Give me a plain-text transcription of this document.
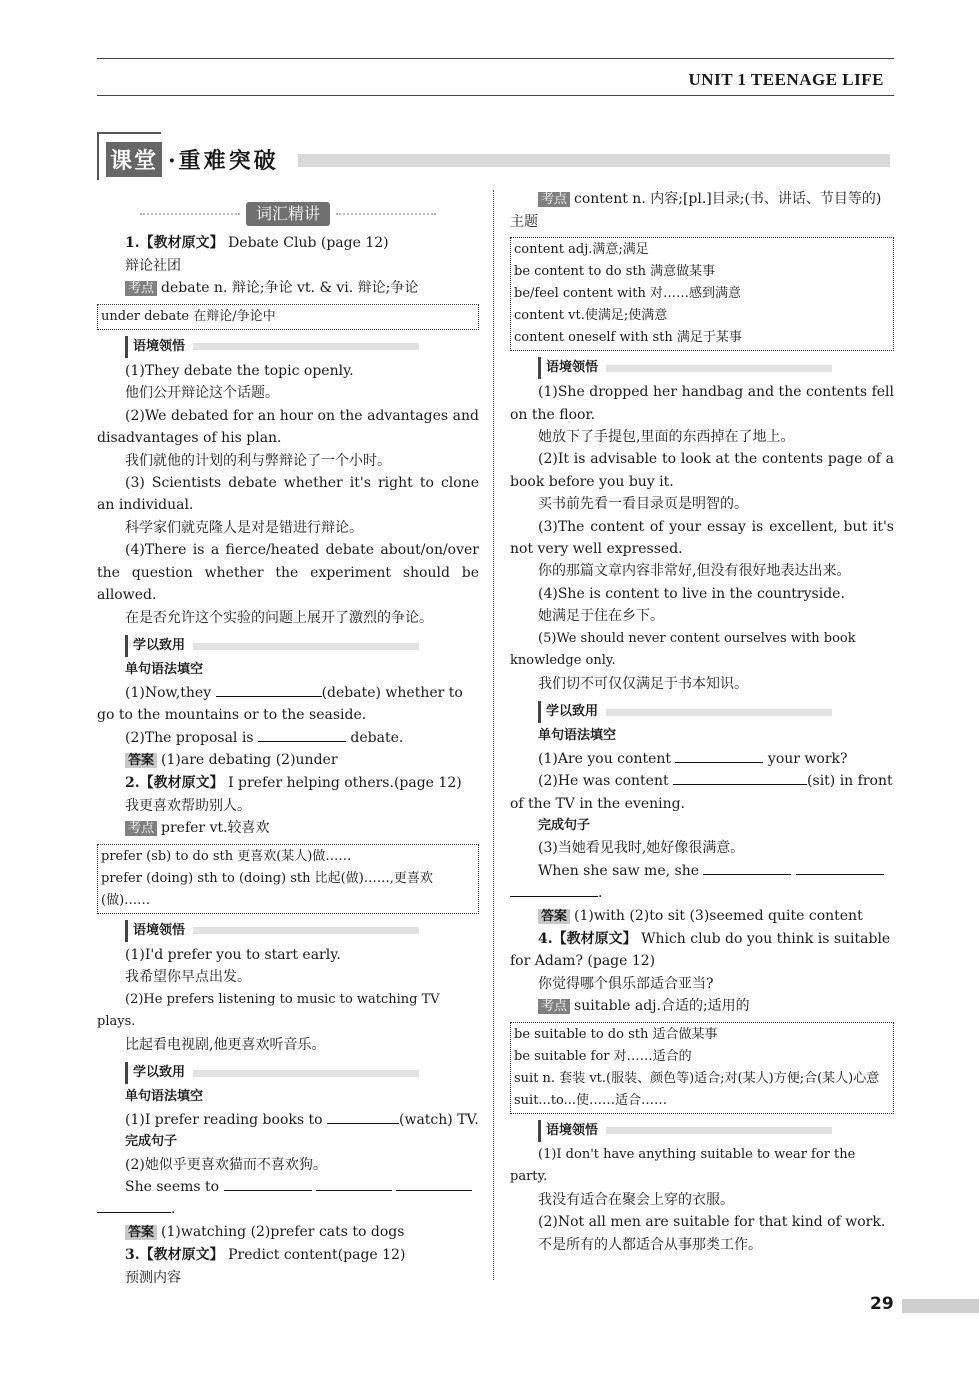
UNIT 1 TEENAGE LIFE
课堂 ·重难突破
词汇精讲

1.【教材原文】 Debate Club (page 12)

辩论社团

考点 debate n. 辩论;争论 vt. & vi. 辩论;争论

under debate 在辩论/争论中
语境领悟

(1)They debate the topic openly.

他们公开辩论这个话题。

(2)We debated for an hour on the advantages and disadvantages of his plan.

我们就他的计划的利与弊辩论了一个小时。

(3) Scientists debate whether it's right to clone an individual.

科学家们就克隆人是对是错进行辩论。

(4)There is a fierce/heated debate about/on/over the question whether the experiment should be allowed.

在是否允许这个实验的问题上展开了激烈的争论。

学以致用

单句语法填空

(1)Now,they	(debate) whether to go to the mountains or to the seaside.

(2)The proposal is	debate.

答案 (1)are debating (2)under

2.【教材原文】 I prefer helping others.(page 12)

我更喜欢帮助别人。

考点 prefer vt.较喜欢

prefer (sb) to do sth 更喜欢(某人)做……
prefer (doing) sth to (doing) sth 比起(做)……,更喜欢(做)……
语境领悟

(1)I'd prefer you to start early.

我希望你早点出发。

(2)He prefers listening to music to watching TV plays.

比起看电视剧,他更喜欢听音乐。

学以致用

单句语法填空

(1)I prefer reading books to	(watch) TV.

完成句子

(2)她似乎更喜欢猫而不喜欢狗。

She seems to

.

答案 (1)watching (2)prefer cats to dogs

3.【教材原文】 Predict content(page 12)

预测内容

考点 content n. 内容;[pl.]目录;(书、讲话、节目等的)主题

content adj.满意;满足
be content to do sth 满意做某事
be/feel content with 对……感到满意
content vt.使满足;使满意
content oneself with sth 满足于某事
语境领悟

(1)She dropped her handbag and the contents fell on the floor.

她放下了手提包,里面的东西掉在了地上。

(2)It is advisable to look at the contents page of a book before you buy it.

买书前先看一看目录页是明智的。

(3)The content of your essay is excellent, but it's not very well expressed.

你的那篇文章内容非常好,但没有很好地表达出来。

(4)She is content to live in the countryside.

她满足于住在乡下。

(5)We should never content ourselves with book knowledge only.

我们切不可仅仅满足于书本知识。

学以致用

单句语法填空

(1)Are you content	your work?

(2)He was content	(sit) in front of the TV in the evening.

完成句子

(3)当她看见我时,她好像很满意。

When she saw me, she

.

答案 (1)with (2)to sit (3)seemed quite content

4.【教材原文】 Which club do you think is suitable for Adam? (page 12)

你觉得哪个俱乐部适合亚当?

考点 suitable adj.合适的;适用的

be suitable to do sth 适合做某事
be suitable for 对……适合的
suit n. 套装 vt.(服装、颜色等)适合;对(某人)方便;合(某人)心意
suit...to...使……适合……
语境领悟

(1)I don't have anything suitable to wear for the party.

我没有适合在聚会上穿的衣服。

(2)Not all men are suitable for that kind of work.

不是所有的人都适合从事那类工作。

29
